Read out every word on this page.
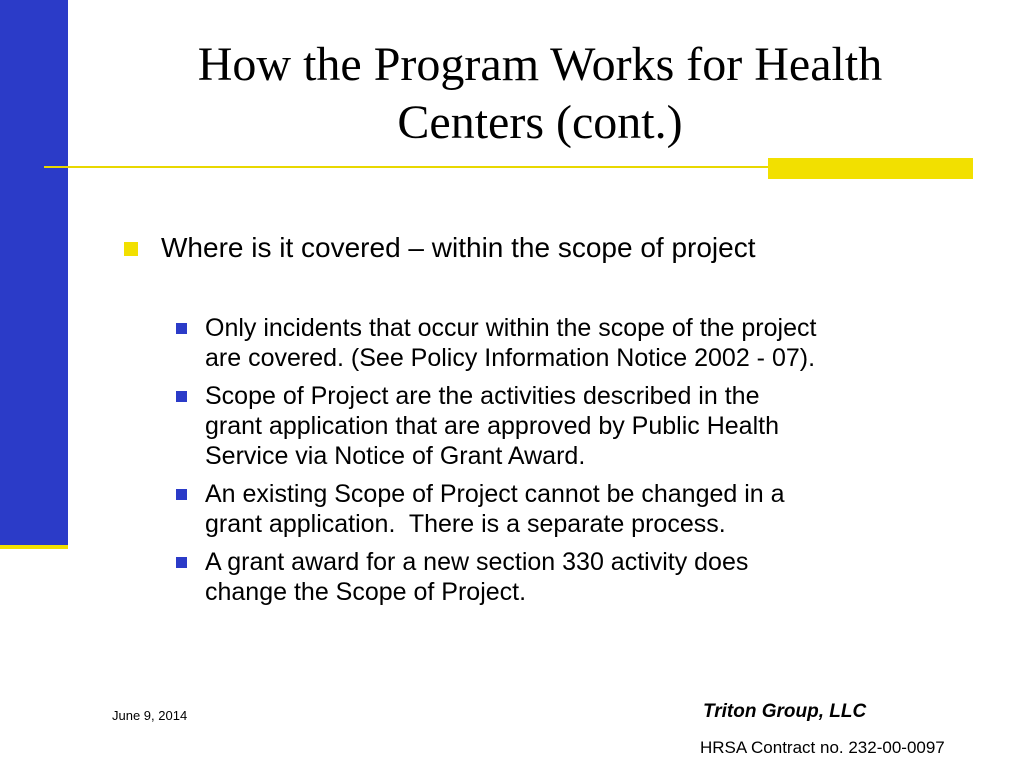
How the Program Works for Health
Centers (cont.)
Where is it covered – within the scope of project
Only incidents that occur within the scope of the project
are covered. (See Policy Information Notice 2002 - 07).
Scope of Project are the activities described in the
grant application that are approved by Public Health
Service via Notice of Grant Award.
An existing Scope of Project cannot be changed in a
grant application.  There is a separate process.
A grant award for a new section 330 activity does
change the Scope of Project.
June 9, 2014	Triton Group, LLC
HRSA Contract no. 232-00-0097
